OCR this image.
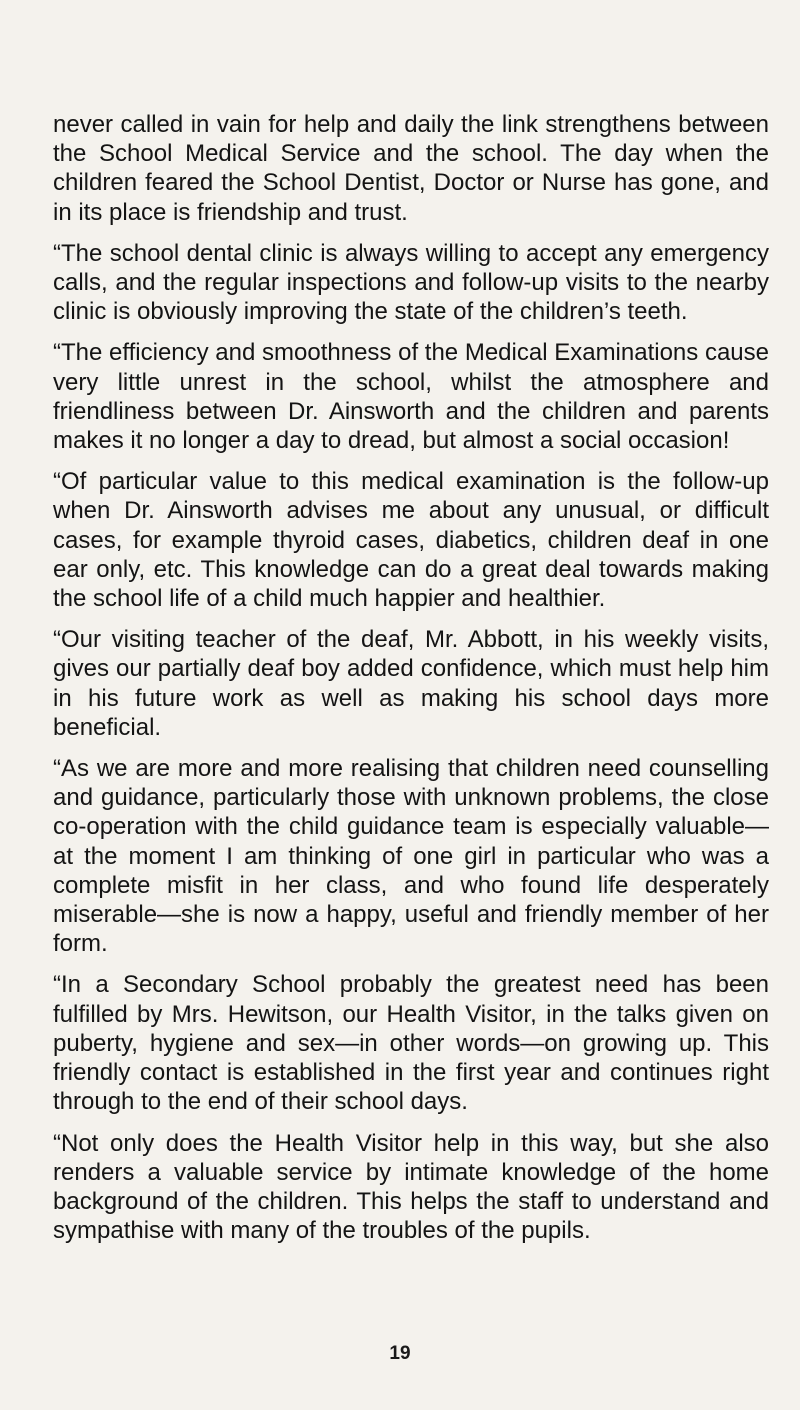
never called in vain for help and daily the link strengthens between the School Medical Service and the school. The day when the children feared the School Dentist, Doctor or Nurse has gone, and in its place is friendship and trust.

“The school dental clinic is always willing to accept any emergency calls, and the regular inspections and follow-up visits to the nearby clinic is obviously improving the state of the children’s teeth.

“The efficiency and smoothness of the Medical Examinations cause very little unrest in the school, whilst the atmosphere and friendliness between Dr. Ainsworth and the children and parents makes it no longer a day to dread, but almost a social occasion!

“Of particular value to this medical examination is the follow-up when Dr. Ainsworth advises me about any unusual, or difficult cases, for example thyroid cases, diabetics, children deaf in one ear only, etc. This knowledge can do a great deal towards making the school life of a child much happier and healthier.

“Our visiting teacher of the deaf, Mr. Abbott, in his weekly visits, gives our partially deaf boy added confidence, which must help him in his future work as well as making his school days more beneficial.

“As we are more and more realising that children need counselling and guidance, particularly those with unknown problems, the close co-operation with the child guidance team is especially valuable—at the moment I am thinking of one girl in particular who was a complete misfit in her class, and who found life desperately miserable—she is now a happy, useful and friendly member of her form.

“In a Secondary School probably the greatest need has been fulfilled by Mrs. Hewitson, our Health Visitor, in the talks given on puberty, hygiene and sex—in other words—on growing up. This friendly contact is established in the first year and continues right through to the end of their school days.

“Not only does the Health Visitor help in this way, but she also renders a valuable service by intimate knowledge of the home background of the children. This helps the staff to understand and sympathise with many of the troubles of the pupils.

19
